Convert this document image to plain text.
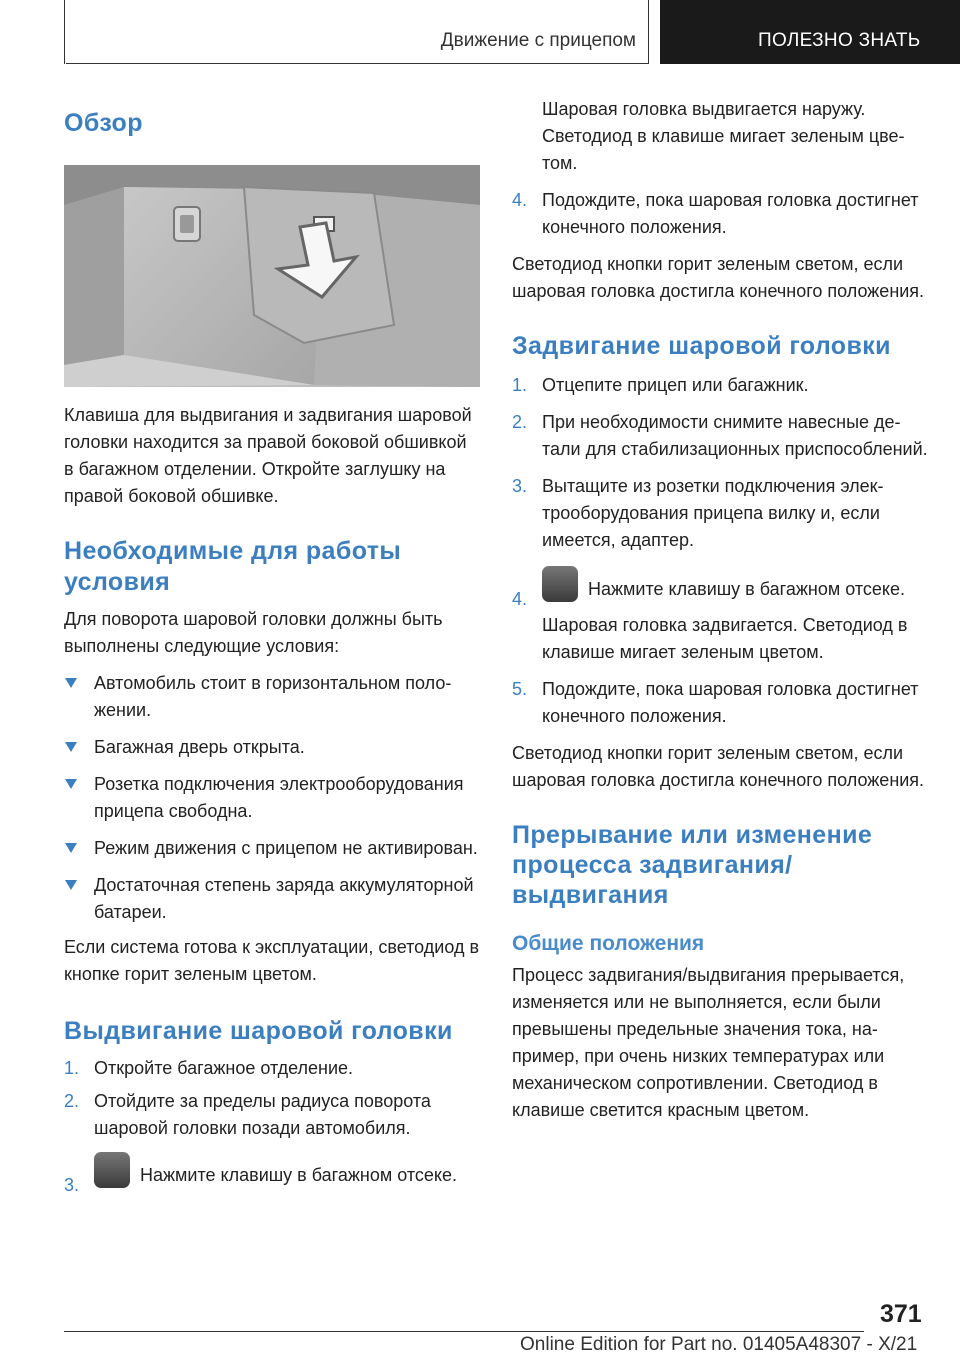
Движение с прицепом	ПОЛЕЗНО ЗНАТЬ
Обзор

Клавиша для выдвигания и задвигания шаровой головки находится за правой боковой обшивкой в багажном отделении. Откройте заглушку на правой боковой обшивке.

Необходимые для работы условия

Для поворота шаровой головки должны быть выполнены следующие условия:

Автомобиль стоит в горизонтальном положении.
Багажная дверь открыта.
Розетка подключения электрооборудования прицепа свободна.
Режим движения с прицепом не активирован.
Достаточная степень заряда аккумуляторной батареи.

Если система готова к эксплуатации, светодиод в кнопке горит зеленым цветом.

Выдвигание шаровой головки
1. Откройте багажное отделение.
2. Отойдите за пределы радиуса поворота шаровой головки позади автомобиля.
3.
Нажмите клавишу в багажном отсеке.

Шаровая головка выдвигается наружу. Светодиод в клавише мигает зеленым цветом.

4. Подождите, пока шаровая головка достигнет конечного положения.

Светодиод кнопки горит зеленым светом, если шаровая головка достигла конечного положения.

Задвигание шаровой головки
1. Отцепите прицеп или багажник.
2. При необходимости снимите навесные детали для стабилизационных приспособлений.
3. Вытащите из розетки подключения электрооборудования прицепа вилку и, если имеется, адаптер.
4.
Нажмите клавишу в багажном отсеке.

Шаровая головка задвигается. Светодиод в клавише мигает зеленым цветом.

5. Подождите, пока шаровая головка достигнет конечного положения.

Светодиод кнопки горит зеленым светом, если шаровая головка достигла конечного положения.

Прерывание или изменение процесса задвигания/выдвигания
Общие положения

Процесс задвигания/выдвигания прерывается, изменяется или не выполняется, если были превышены предельные значения тока, например, при очень низких температурах или механическом сопротивлении. Светодиод в клавише светится красным цветом.

371
Online Edition for Part no. 01405A48307 - X/21
